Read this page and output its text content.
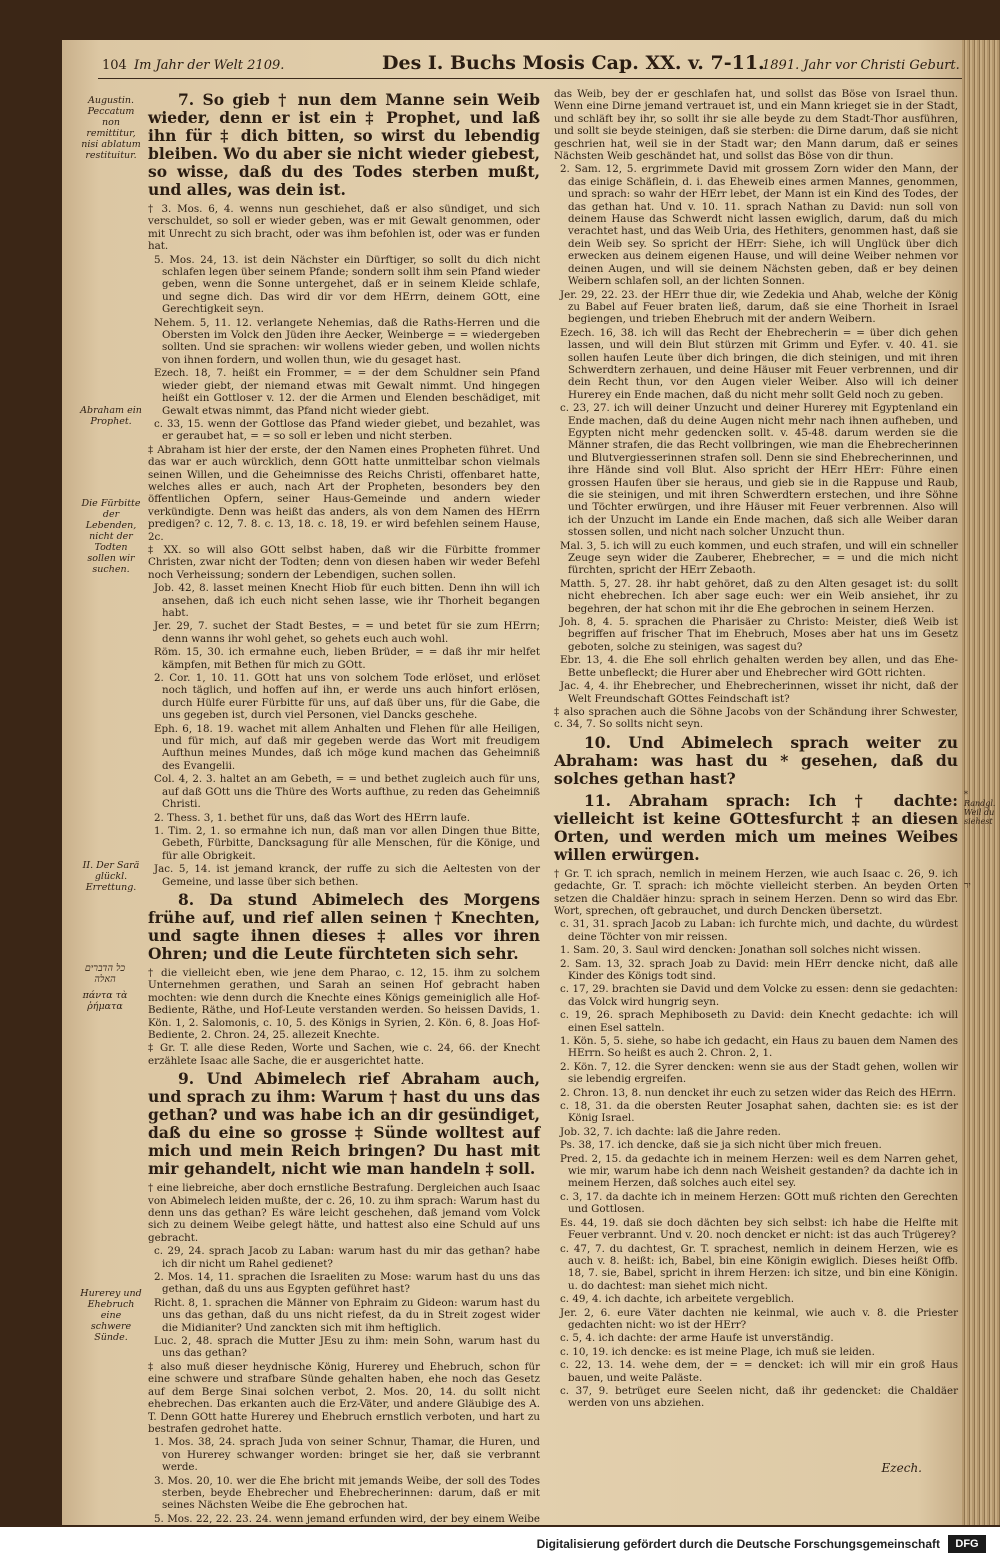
104 Im Jahr der Welt 2109.	Des I. Buchs Mosis Cap. XX. v. 7-11.
1891. Jahr vor Christi Geburt.
Augustin. Peccatum non remittitur, nisi ablatum restituitur.
Abraham ein Prophet.
Die Fürbitte der Lebenden, nicht der Todten sollen wir suchen.
II. Der Sarä glückl. Errettung.
כל הדברים האלה
πάντα τὰ ῥήματα
Hurerey und Ehebruch eine schwere Sünde.

7. So gieb † nun dem Manne sein Weib wieder, denn er ist ein ‡ Prophet, und laß ihn für ‡ dich bitten, so wirst du lebendig bleiben. Wo du aber sie nicht wieder giebest, so wisse, daß du des Todes sterben mußt, und alles, was dein ist.

† 3. Mos. 6, 4. wenns nun geschiehet, daß er also sündiget, und sich verschuldet, so soll er wieder geben, was er mit Gewalt genommen, oder mit Unrecht zu sich bracht, oder was ihm befohlen ist, oder was er funden hat.

5. Mos. 24, 13. ist dein Nächster ein Dürftiger, so sollt du dich nicht schlafen legen über seinem Pfande; sondern sollt ihm sein Pfand wieder geben, wenn die Sonne untergehet, daß er in seinem Kleide schlafe, und segne dich. Das wird dir vor dem HErrn, deinem GOtt, eine Gerechtigkeit seyn.

Nehem. 5, 11. 12. verlangete Nehemias, daß die Raths-Herren und die Obersten im Volck den Jüden ihre Aecker, Weinberge = = wiedergeben sollten. Und sie sprachen: wir wollens wieder geben, und wollen nichts von ihnen fordern, und wollen thun, wie du gesaget hast.

Ezech. 18, 7. heißt ein Frommer, = = der dem Schuldner sein Pfand wieder giebt, der niemand etwas mit Gewalt nimmt. Und hingegen heißt ein Gottloser v. 12. der die Armen und Elenden beschädiget, mit Gewalt etwas nimmt, das Pfand nicht wieder giebt.

c. 33, 15. wenn der Gottlose das Pfand wieder giebet, und bezahlet, was er geraubet hat, = = so soll er leben und nicht sterben.

‡ Abraham ist hier der erste, der den Namen eines Propheten führet. Und das war er auch würcklich, denn GOtt hatte unmittelbar schon vielmals seinen Willen, und die Geheimnisse des Reichs Christi, offenbaret hatte, welches alles er auch, nach Art der Propheten, besonders bey den öffentlichen Opfern, seiner Haus-Gemeinde und andern wieder verkündigte. Denn was heißt das anders, als von dem Namen des HErrn predigen? c. 12, 7. 8. c. 13, 18. c. 18, 19. er wird befehlen seinem Hause, 2c.

‡ XX. so will also GOtt selbst haben, daß wir die Fürbitte frommer Christen, zwar nicht der Todten; denn von diesen haben wir weder Befehl noch Verheissung; sondern der Lebendigen, suchen sollen.

Job. 42, 8. lasset meinen Knecht Hiob für euch bitten. Denn ihn will ich ansehen, daß ich euch nicht sehen lasse, wie ihr Thorheit begangen habt.

Jer. 29, 7. suchet der Stadt Bestes, = = und betet für sie zum HErrn; denn wanns ihr wohl gehet, so gehets euch auch wohl.

Röm. 15, 30. ich ermahne euch, lieben Brüder, = = daß ihr mir helfet kämpfen, mit Bethen für mich zu GOtt.

2. Cor. 1, 10. 11. GOtt hat uns von solchem Tode erlöset, und erlöset noch täglich, und hoffen auf ihn, er werde uns auch hinfort erlösen, durch Hülfe eurer Fürbitte für uns, auf daß über uns, für die Gabe, die uns gegeben ist, durch viel Personen, viel Dancks geschehe.

Eph. 6, 18. 19. wachet mit allem Anhalten und Flehen für alle Heiligen, und für mich, auf daß mir gegeben werde das Wort mit freudigem Aufthun meines Mundes, daß ich möge kund machen das Geheimniß des Evangelii.

Col. 4, 2. 3. haltet an am Gebeth, = = und bethet zugleich auch für uns, auf daß GOtt uns die Thüre des Worts aufthue, zu reden das Geheimniß Christi.

2. Thess. 3, 1. bethet für uns, daß das Wort des HErrn laufe.

1. Tim. 2, 1. so ermahne ich nun, daß man vor allen Dingen thue Bitte, Gebeth, Fürbitte, Dancksagung für alle Menschen, für die Könige, und für alle Obrigkeit.

Jac. 5, 14. ist jemand kranck, der ruffe zu sich die Aeltesten von der Gemeine, und lasse über sich bethen.

8. Da stund Abimelech des Morgens frühe auf, und rief allen seinen † Knechten, und sagte ihnen dieses ‡ alles vor ihren Ohren; und die Leute fürchteten sich sehr.

† die vielleicht eben, wie jene dem Pharao, c. 12, 15. ihm zu solchem Unternehmen gerathen, und Sarah an seinen Hof gebracht haben mochten: wie denn durch die Knechte eines Königs gemeiniglich alle Hof-Bediente, Räthe, und Hof-Leute verstanden werden. So heissen Davids, 1. Kön. 1, 2. Salomonis, c. 10, 5. des Königs in Syrien, 2. Kön. 6, 8. Joas Hof-Bediente, 2. Chron. 24, 25. allezeit Knechte.

‡ Gr. T. alle diese Reden, Worte und Sachen, wie c. 24, 66. der Knecht erzählete Isaac alle Sache, die er ausgerichtet hatte.

9. Und Abimelech rief Abraham auch, und sprach zu ihm: Warum † hast du uns das gethan? und was habe ich an dir gesündiget, daß du eine so grosse ‡ Sünde wolltest auf mich und mein Reich bringen? Du hast mit mir gehandelt, nicht wie man handeln ‡ soll.

† eine liebreiche, aber doch ernstliche Bestrafung. Dergleichen auch Isaac von Abimelech leiden mußte, der c. 26, 10. zu ihm sprach: Warum hast du denn uns das gethan? Es wäre leicht geschehen, daß jemand vom Volck sich zu deinem Weibe gelegt hätte, und hattest also eine Schuld auf uns gebracht.

c. 29, 24. sprach Jacob zu Laban: warum hast du mir das gethan? habe ich dir nicht um Rahel gedienet?

2. Mos. 14, 11. sprachen die Israeliten zu Mose: warum hast du uns das gethan, daß du uns aus Egypten geführet hast?

Richt. 8, 1. sprachen die Männer von Ephraim zu Gideon: warum hast du uns das gethan, daß du uns nicht riefest, da du in Streit zogest wider die Midianiter? Und zanckten sich mit ihm heftiglich.

Luc. 2, 48. sprach die Mutter JEsu zu ihm: mein Sohn, warum hast du uns das gethan?

‡ also muß dieser heydnische König, Hurerey und Ehebruch, schon für eine schwere und strafbare Sünde gehalten haben, ehe noch das Gesetz auf dem Berge Sinai solchen verbot, 2. Mos. 20, 14. du sollt nicht ehebrechen. Das erkanten auch die Erz-Väter, und andere Gläubige des A. T. Denn GOtt hatte Hurerey und Ehebruch ernstlich verboten, und hart zu bestrafen gedrohet hatte.

1. Mos. 38, 24. sprach Juda von seiner Schnur, Thamar, die Huren, und von Hurerey schwanger worden: bringet sie her, daß sie verbrannt werde.

3. Mos. 20, 10. wer die Ehe bricht mit jemands Weibe, der soll des Todes sterben, beyde Ehebrecher und Ehebrecherinnen: darum, daß er mit seines Nächsten Weibe die Ehe gebrochen hat.

5. Mos. 22, 22. 23. 24. wenn jemand erfunden wird, der bey einem Weibe

das Weib, bey der er geschlafen hat, und sollst das Böse von Israel thun. Wenn eine Dirne jemand vertrauet ist, und ein Mann krieget sie in der Stadt, und schläft bey ihr, so sollt ihr sie alle beyde zu dem Stadt-Thor ausführen, und sollt sie beyde steinigen, daß sie sterben: die Dirne darum, daß sie nicht geschrien hat, weil sie in der Stadt war; den Mann darum, daß er seines Nächsten Weib geschändet hat, und sollst das Böse von dir thun.

2. Sam. 12, 5. ergrimmete David mit grossem Zorn wider den Mann, der das einige Schäflein, d. i. das Eheweib eines armen Mannes, genommen, und sprach: so wahr der HErr lebet, der Mann ist ein Kind des Todes, der das gethan hat. Und v. 10. 11. sprach Nathan zu David: nun soll von deinem Hause das Schwerdt nicht lassen ewiglich, darum, daß du mich verachtet hast, und das Weib Uria, des Hethiters, genommen hast, daß sie dein Weib sey. So spricht der HErr: Siehe, ich will Unglück über dich erwecken aus deinem eigenen Hause, und will deine Weiber nehmen vor deinen Augen, und will sie deinem Nächsten geben, daß er bey deinen Weibern schlafen soll, an der lichten Sonnen.

Jer. 29, 22. 23. der HErr thue dir, wie Zedekia und Ahab, welche der König zu Babel auf Feuer braten ließ, darum, daß sie eine Thorheit in Israel begiengen, und trieben Ehebruch mit der andern Weibern.

Ezech. 16, 38. ich will das Recht der Ehebrecherin = = über dich gehen lassen, und will dein Blut stürzen mit Grimm und Eyfer. v. 40. 41. sie sollen haufen Leute über dich bringen, die dich steinigen, und mit ihren Schwerdtern zerhauen, und deine Häuser mit Feuer verbrennen, und dir dein Recht thun, vor den Augen vieler Weiber. Also will ich deiner Hurerey ein Ende machen, daß du nicht mehr sollt Geld noch zu geben.

c. 23, 27. ich will deiner Unzucht und deiner Hurerey mit Egyptenland ein Ende machen, daß du deine Augen nicht mehr nach ihnen aufheben, und Egypten nicht mehr gedencken sollt. v. 45-48. darum werden sie die Männer strafen, die das Recht vollbringen, wie man die Ehebrecherinnen und Blutvergiesserinnen strafen soll. Denn sie sind Ehebrecherinnen, und ihre Hände sind voll Blut. Also spricht der HErr HErr: Führe einen grossen Haufen über sie heraus, und gieb sie in die Rappuse und Raub, die sie steinigen, und mit ihren Schwerdtern erstechen, und ihre Söhne und Töchter erwürgen, und ihre Häuser mit Feuer verbrennen. Also will ich der Unzucht im Lande ein Ende machen, daß sich alle Weiber daran stossen sollen, und nicht nach solcher Unzucht thun.

Mal. 3, 5. ich will zu euch kommen, und euch strafen, und will ein schneller Zeuge seyn wider die Zauberer, Ehebrecher, = = und die mich nicht fürchten, spricht der HErr Zebaoth.

Matth. 5, 27. 28. ihr habt gehöret, daß zu den Alten gesaget ist: du sollt nicht ehebrechen. Ich aber sage euch: wer ein Weib ansiehet, ihr zu begehren, der hat schon mit ihr die Ehe gebrochen in seinem Herzen.

Joh. 8, 4. 5. sprachen die Pharisäer zu Christo: Meister, dieß Weib ist begriffen auf frischer That im Ehebruch, Moses aber hat uns im Gesetz geboten, solche zu steinigen, was sagest du?

Ebr. 13, 4. die Ehe soll ehrlich gehalten werden bey allen, und das Ehe-Bette unbefleckt; die Hurer aber und Ehebrecher wird GOtt richten.

Jac. 4, 4. ihr Ehebrecher, und Ehebrecherinnen, wisset ihr nicht, daß der Welt Freundschaft GOttes Feindschaft ist?

‡ also sprachen auch die Söhne Jacobs von der Schändung ihrer Schwester, c. 34, 7. So sollts nicht seyn.

10. Und Abimelech sprach weiter zu Abraham: was hast du * gesehen, daß du solches gethan hast?

11. Abraham sprach: Ich † dachte: vielleicht ist keine GOttesfurcht ‡ an diesen Orten, und werden mich um meines Weibes willen erwürgen.

† Gr. T. ich sprach, nemlich in meinem Herzen, wie auch Isaac c. 26, 9. ich gedachte, Gr. T. sprach: ich möchte vielleicht sterben. An beyden Orten setzen die Chaldäer hinzu: sprach in seinem Herzen. Denn so wird das Ebr. Wort, sprechen, oft gebrauchet, und durch Dencken übersetzt.

c. 31, 31. sprach Jacob zu Laban: ich furchte mich, und dachte, du würdest deine Töchter von mir reissen.

1. Sam. 20, 3. Saul wird dencken: Jonathan soll solches nicht wissen.

2. Sam. 13, 32. sprach Joab zu David: mein HErr dencke nicht, daß alle Kinder des Königs todt sind.

c. 17, 29. brachten sie David und dem Volcke zu essen: denn sie gedachten: das Volck wird hungrig seyn.

c. 19, 26. sprach Mephiboseth zu David: dein Knecht gedachte: ich will einen Esel satteln.

1. Kön. 5, 5. siehe, so habe ich gedacht, ein Haus zu bauen dem Namen des HErrn. So heißt es auch 2. Chron. 2, 1.

2. Kön. 7, 12. die Syrer dencken: wenn sie aus der Stadt gehen, wollen wir sie lebendig ergreifen.

2. Chron. 13, 8. nun dencket ihr euch zu setzen wider das Reich des HErrn.

c. 18, 31. da die obersten Reuter Josaphat sahen, dachten sie: es ist der König Israel.

Job. 32, 7. ich dachte: laß die Jahre reden.

Ps. 38, 17. ich dencke, daß sie ja sich nicht über mich freuen.

Pred. 2, 15. da gedachte ich in meinem Herzen: weil es dem Narren gehet, wie mir, warum habe ich denn nach Weisheit gestanden? da dachte ich in meinem Herzen, daß solches auch eitel sey.

c. 3, 17. da dachte ich in meinem Herzen: GOtt muß richten den Gerechten und Gottlosen.

Es. 44, 19. daß sie doch dächten bey sich selbst: ich habe die Helfte mit Feuer verbrannt. Und v. 20. noch dencket er nicht: ist das auch Trügerey?

c. 47, 7. du dachtest, Gr. T. sprachest, nemlich in deinem Herzen, wie es auch v. 8. heißt: ich, Babel, bin eine Königin ewiglich. Dieses heißt Offb. 18, 7. sie, Babel, spricht in ihrem Herzen: ich sitze, und bin eine Königin. u. do dachtest: man siehet mich nicht.

c. 49, 4. ich dachte, ich arbeitete vergeblich.

Jer. 2, 6. eure Väter dachten nie keinmal, wie auch v. 8. die Priester gedachten nicht: wo ist der HErr?

c. 5, 4. ich dachte: der arme Haufe ist unverständig.

c. 10, 19. ich dencke: es ist meine Plage, ich muß sie leiden.

c. 22, 13. 14. wehe dem, der = = dencket: ich will mir ein groß Haus bauen, und weite Paläste.

c. 37, 9. betrüget eure Seelen nicht, daß ihr gedencket: die Chaldäer werden von uns abziehen.

Ezech.
* Randgl. Weil du siehest
יר
Digitalisierung gefördert durch die Deutsche Forschungsgemeinschaft	DFG
